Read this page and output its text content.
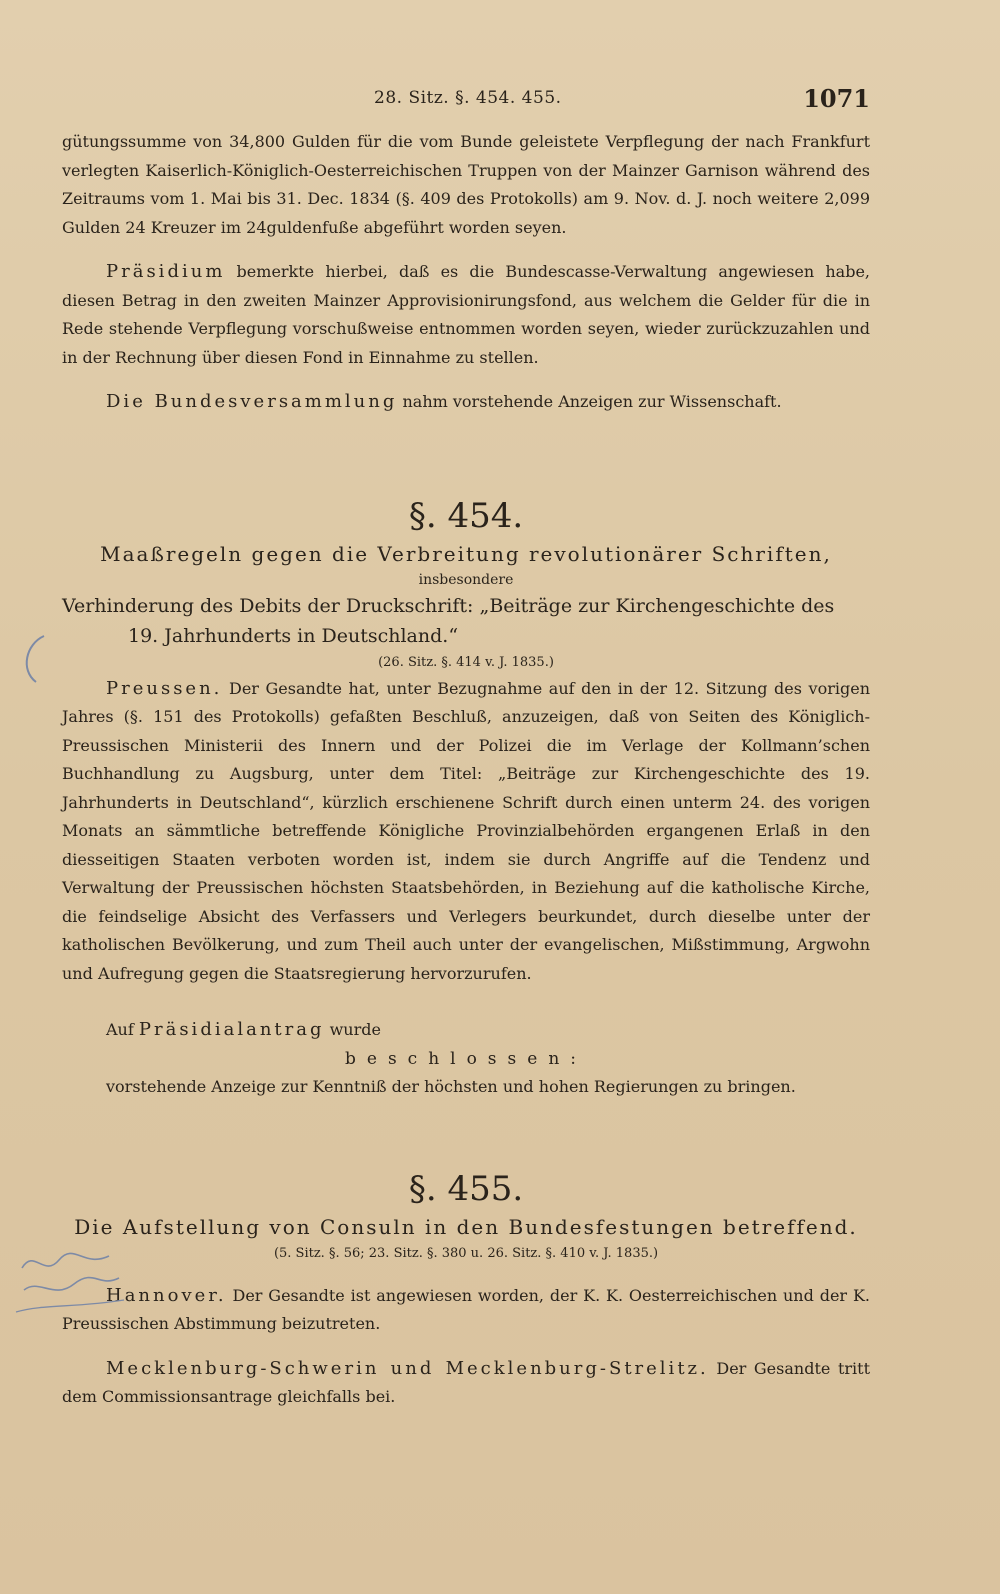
28. Sitz. §. 454. 455.	1071

gütungssumme von 34,800 Gulden für die vom Bunde geleistete Verpflegung der nach Frankfurt verlegten Kaiserlich-Königlich-Oesterreichischen Truppen von der Mainzer Garnison während des Zeitraums vom 1. Mai bis 31. Dec. 1834 (§. 409 des Protokolls) am 9. Nov. d. J. noch weitere 2,099 Gulden 24 Kreuzer im 24guldenfuße abgeführt worden seyen.

Präsidium bemerkte hierbei, daß es die Bundescasse-Verwaltung angewiesen habe, diesen Betrag in den zweiten Mainzer Approvisionirungsfond, aus welchem die Gelder für die in Rede stehende Verpflegung vorschußweise entnommen worden seyen, wieder zurückzuzahlen und in der Rechnung über diesen Fond in Einnahme zu stellen.

Die Bundesversammlung nahm vorstehende Anzeigen zur Wissenschaft.

§. 454.

Maaßregeln gegen die Verbreitung revolutionärer Schriften,

insbesondere

Verhinderung des Debits der Druckschrift: „Beiträge zur Kirchengeschichte des 19. Jahrhunderts in Deutschland.“

(26. Sitz. §. 414 v. J. 1835.)

Preussen. Der Gesandte hat, unter Bezugnahme auf den in der 12. Sitzung des vorigen Jahres (§. 151 des Protokolls) gefaßten Beschluß, anzuzeigen, daß von Seiten des Königlich-Preussischen Ministerii des Innern und der Polizei die im Verlage der Kollmann’schen Buchhandlung zu Augsburg, unter dem Titel: „Beiträge zur Kirchengeschichte des 19. Jahrhunderts in Deutschland“, kürzlich erschienene Schrift durch einen unterm 24. des vorigen Monats an sämmtliche betreffende Königliche Provinzialbehörden ergangenen Erlaß in den diesseitigen Staaten verboten worden ist, indem sie durch Angriffe auf die Tendenz und Verwaltung der Preussischen höchsten Staatsbehörden, in Beziehung auf die katholische Kirche, die feindselige Absicht des Verfassers und Verlegers beurkundet, durch dieselbe unter der katholischen Bevölkerung, und zum Theil auch unter der evangelischen, Mißstimmung, Argwohn und Aufregung gegen die Staatsregierung hervorzurufen.

Auf Präsidialantrag wurde

beschlossen:

vorstehende Anzeige zur Kenntniß der höchsten und hohen Regierungen zu bringen.

§. 455.

Die Aufstellung von Consuln in den Bundesfestungen betreffend.

(5. Sitz. §. 56; 23. Sitz. §. 380 u. 26. Sitz. §. 410 v. J. 1835.)

Hannover. Der Gesandte ist angewiesen worden, der K. K. Oesterreichischen und der K. Preussischen Abstimmung beizutreten.

Mecklenburg-Schwerin und Mecklenburg-Strelitz. Der Gesandte tritt dem Commissionsantrage gleichfalls bei.
